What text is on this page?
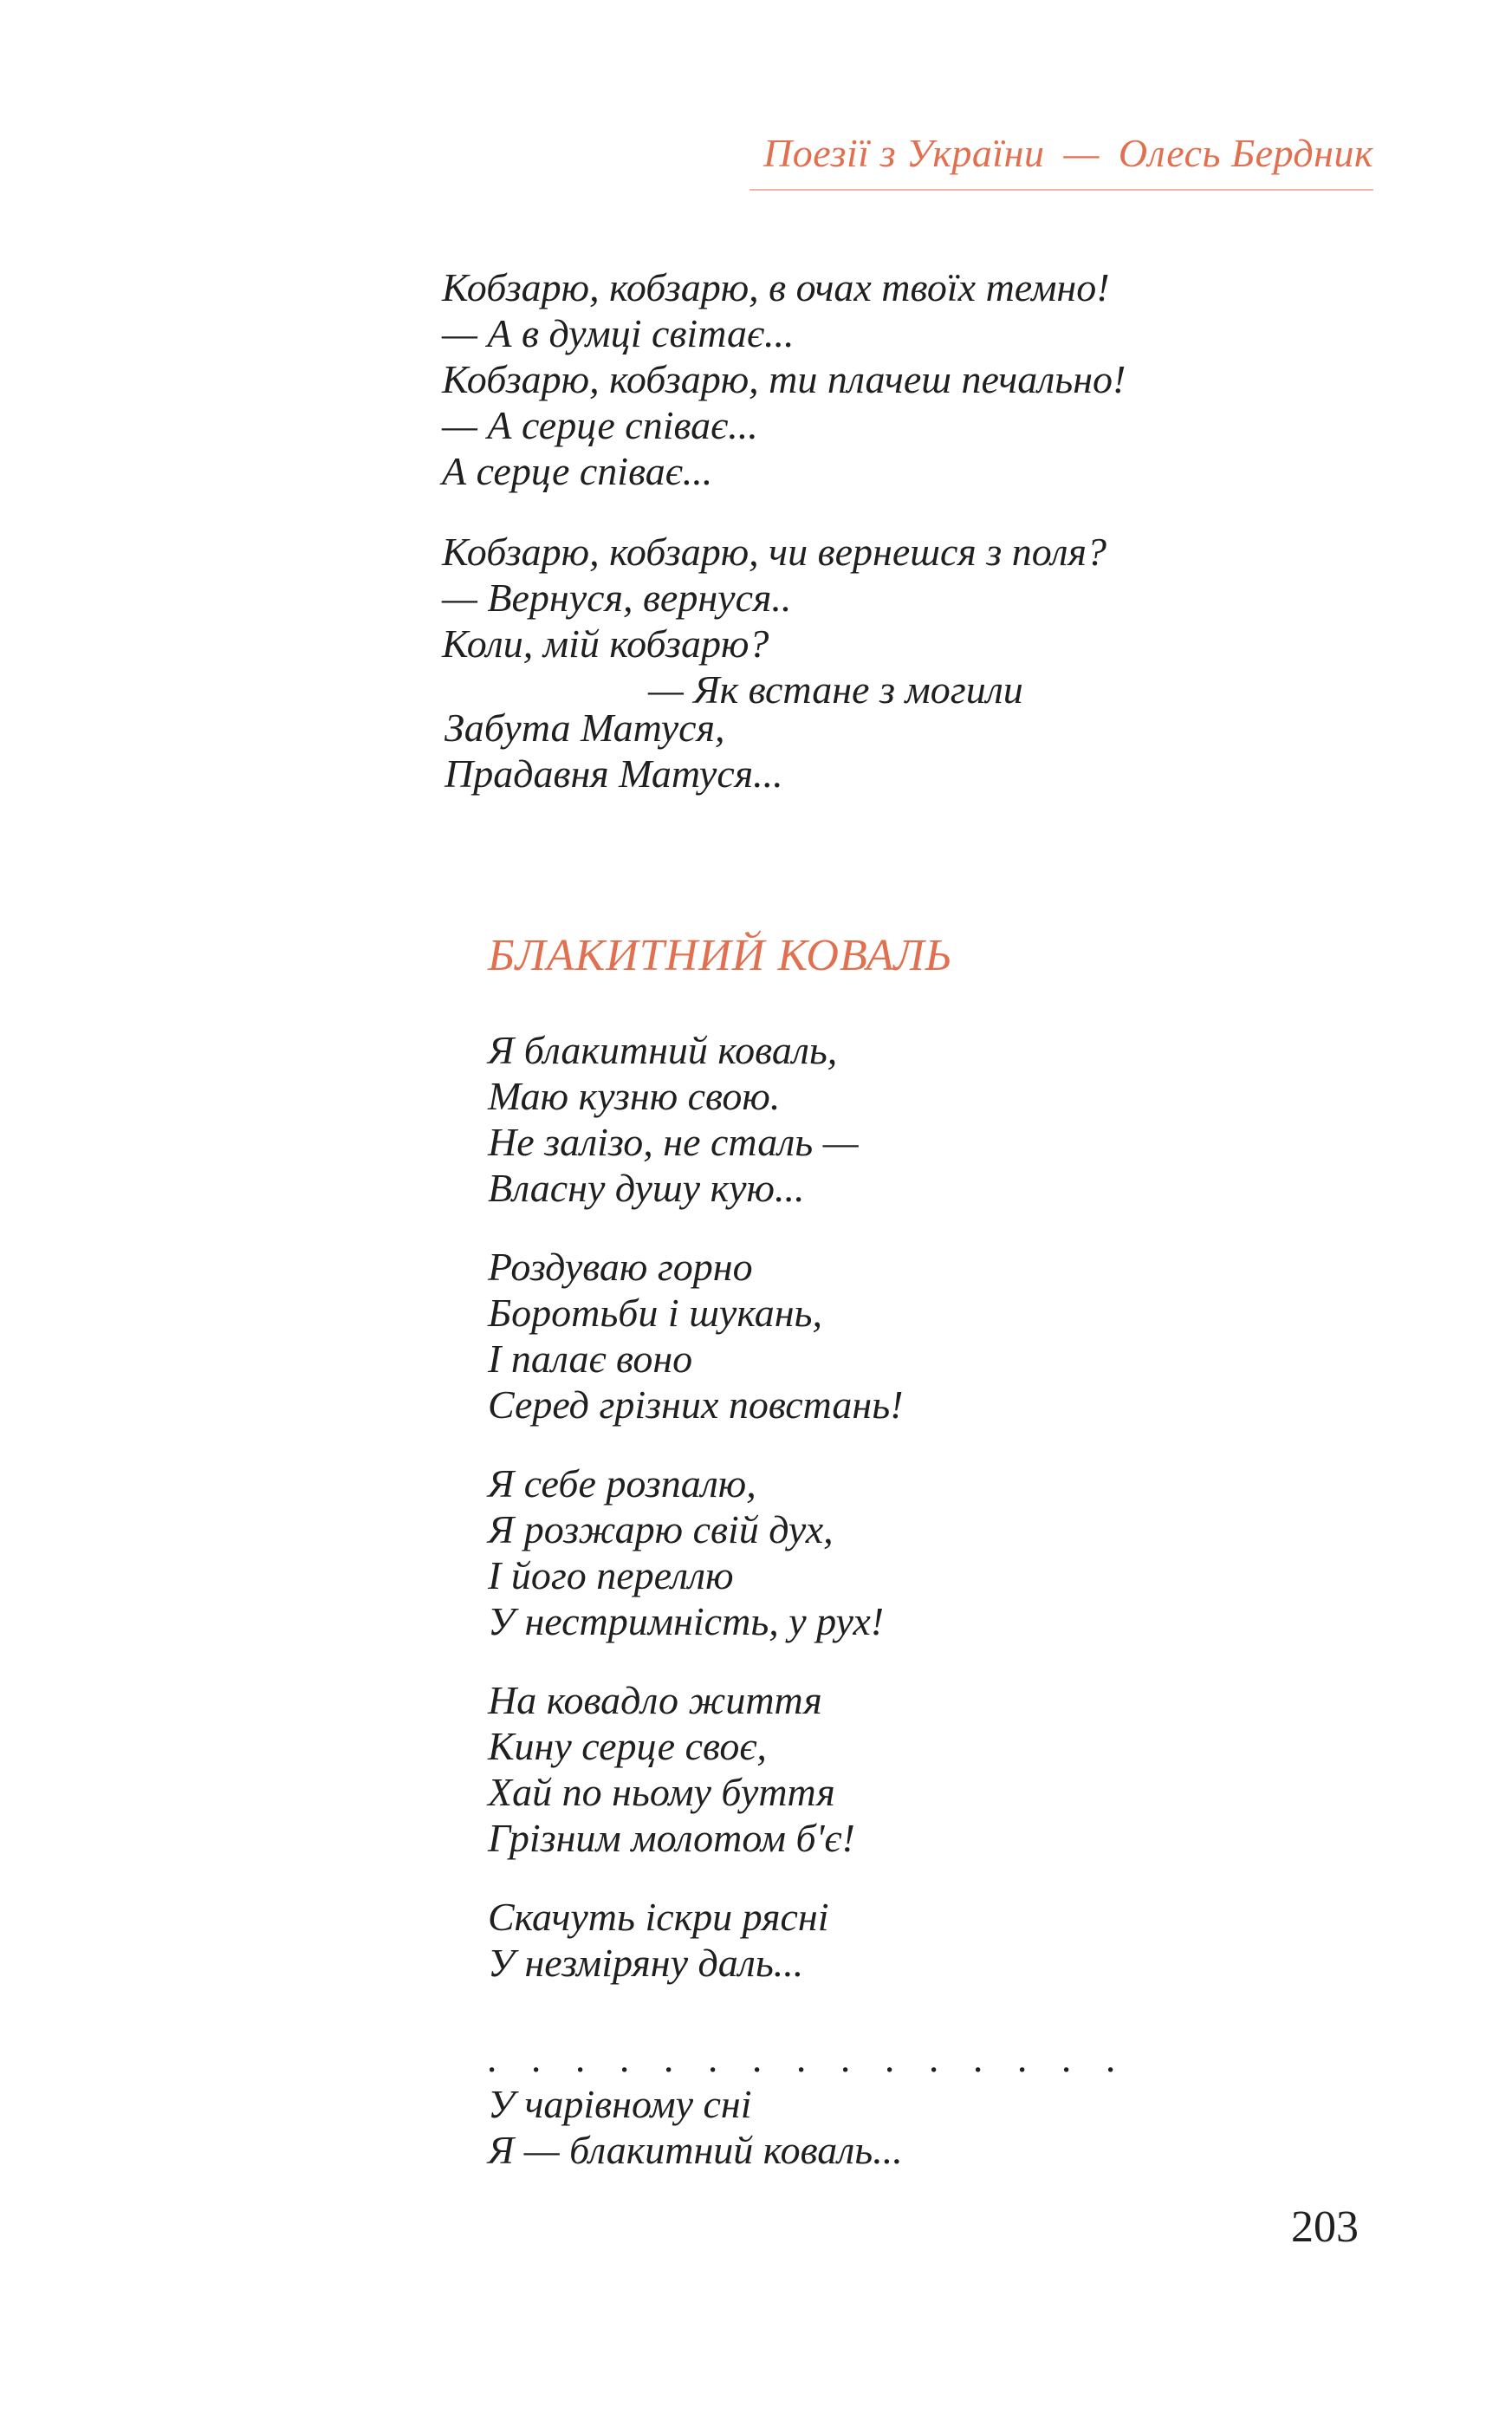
Поезії з України — Олесь Бердник
Кобзарю, кобзарю, в очах твоїх темно!
— А в думці світає...
Кобзарю, кобзарю, ти плачеш печально!
— А серце співає...
А серце співає...
Кобзарю, кобзарю, чи вернешся з поля?
— Вернуся, вернуся..
Коли, мій кобзарю?
— Як встане з могили
Забута Матуся,
Прадавня Матуся...
БЛАКИТНИЙ КОВАЛЬ
Я блакитний коваль,
Маю кузню свою.
Не залізо, не сталь —
Власну душу кую...
Роздуваю горно
Боротьби і шукань,
І палає воно
Серед грізних повстань!
Я себе розпалю,
Я розжарю свій дух,
І його переллю
У нестримність, у рух!
На ковадло життя
Кину серце своє,
Хай по ньому буття
Грізним молотом б'є!
Скачуть іскри рясні
У незміряну даль...
. . . . . . . . . . . . . . .
У чарівному сні
Я — блакитний коваль...
203
